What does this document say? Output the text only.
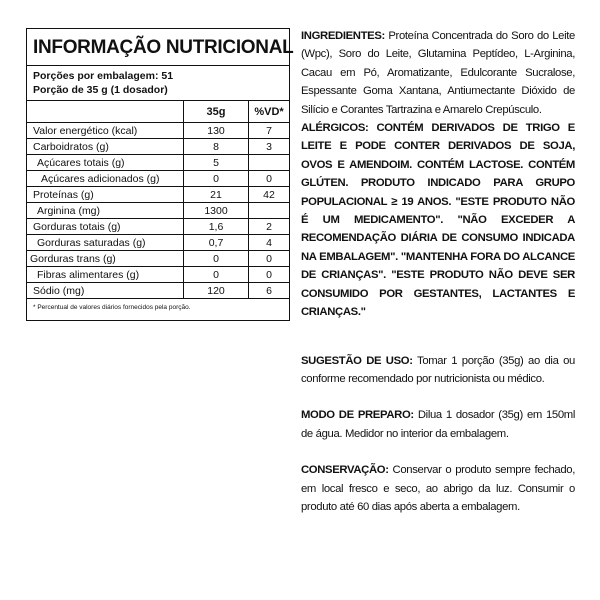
INFORMAÇÃO NUTRICIONAL
Porções por embalagem: 51
Porção de 35 g (1 dosador)
	35g	%VD*
Valor energético (kcal)	130	7
Carboidratos (g)	8	3
Açúcares totais (g)	5	
Açúcares adicionados (g)	0	0
Proteínas (g)	21	42
Arginina (mg)	1300	
Gorduras totais (g)	1,6	2
Gorduras saturadas (g)	0,7	4
Gorduras trans (g)	0	0
Fibras alimentares (g)	0	0
Sódio (mg)	120	6
* Percentual de valores diários fornecidos pela porção.

INGREDIENTES: Proteína Concentrada do Soro do Leite (Wpc), Soro do Leite, Glutamina Peptídeo, L-Arginina, Cacau em Pó, Aromatizante, Edulcorante Sucralose, Espessante Goma Xantana, Antiumectante Dióxido de Silício e Corantes Tartrazina e Amarelo Crepúsculo.

ALÉRGICOS: CONTÉM DERIVADOS DE TRIGO E LEITE E PODE CONTER DERIVADOS DE SOJA, OVOS E AMENDOIM. CONTÉM LACTOSE. CONTÉM GLÚTEN. PRODUTO INDICADO PARA GRUPO POPULACIONAL ≥ 19 ANOS. "ESTE PRODUTO NÃO É UM MEDICAMENTO". "NÃO EXCEDER A RECOMENDAÇÃO DIÁRIA DE CONSUMO INDICADA NA EMBALAGEM". "MANTENHA FORA DO ALCANCE DE CRIANÇAS". "ESTE PRODUTO NÃO DEVE SER CONSUMIDO POR GESTANTES, LACTANTES E CRIANÇAS."

SUGESTÃO DE USO: Tomar 1 porção (35g) ao dia ou conforme recomendado por nutricionista ou médico.

MODO DE PREPARO: Dilua 1 dosador (35g) em 150ml de água. Medidor no interior da embalagem.

CONSERVAÇÃO: Conservar o produto sempre fechado, em local fresco e seco, ao abrigo da luz. Consumir o produto até 60 dias após aberta a embalagem.
